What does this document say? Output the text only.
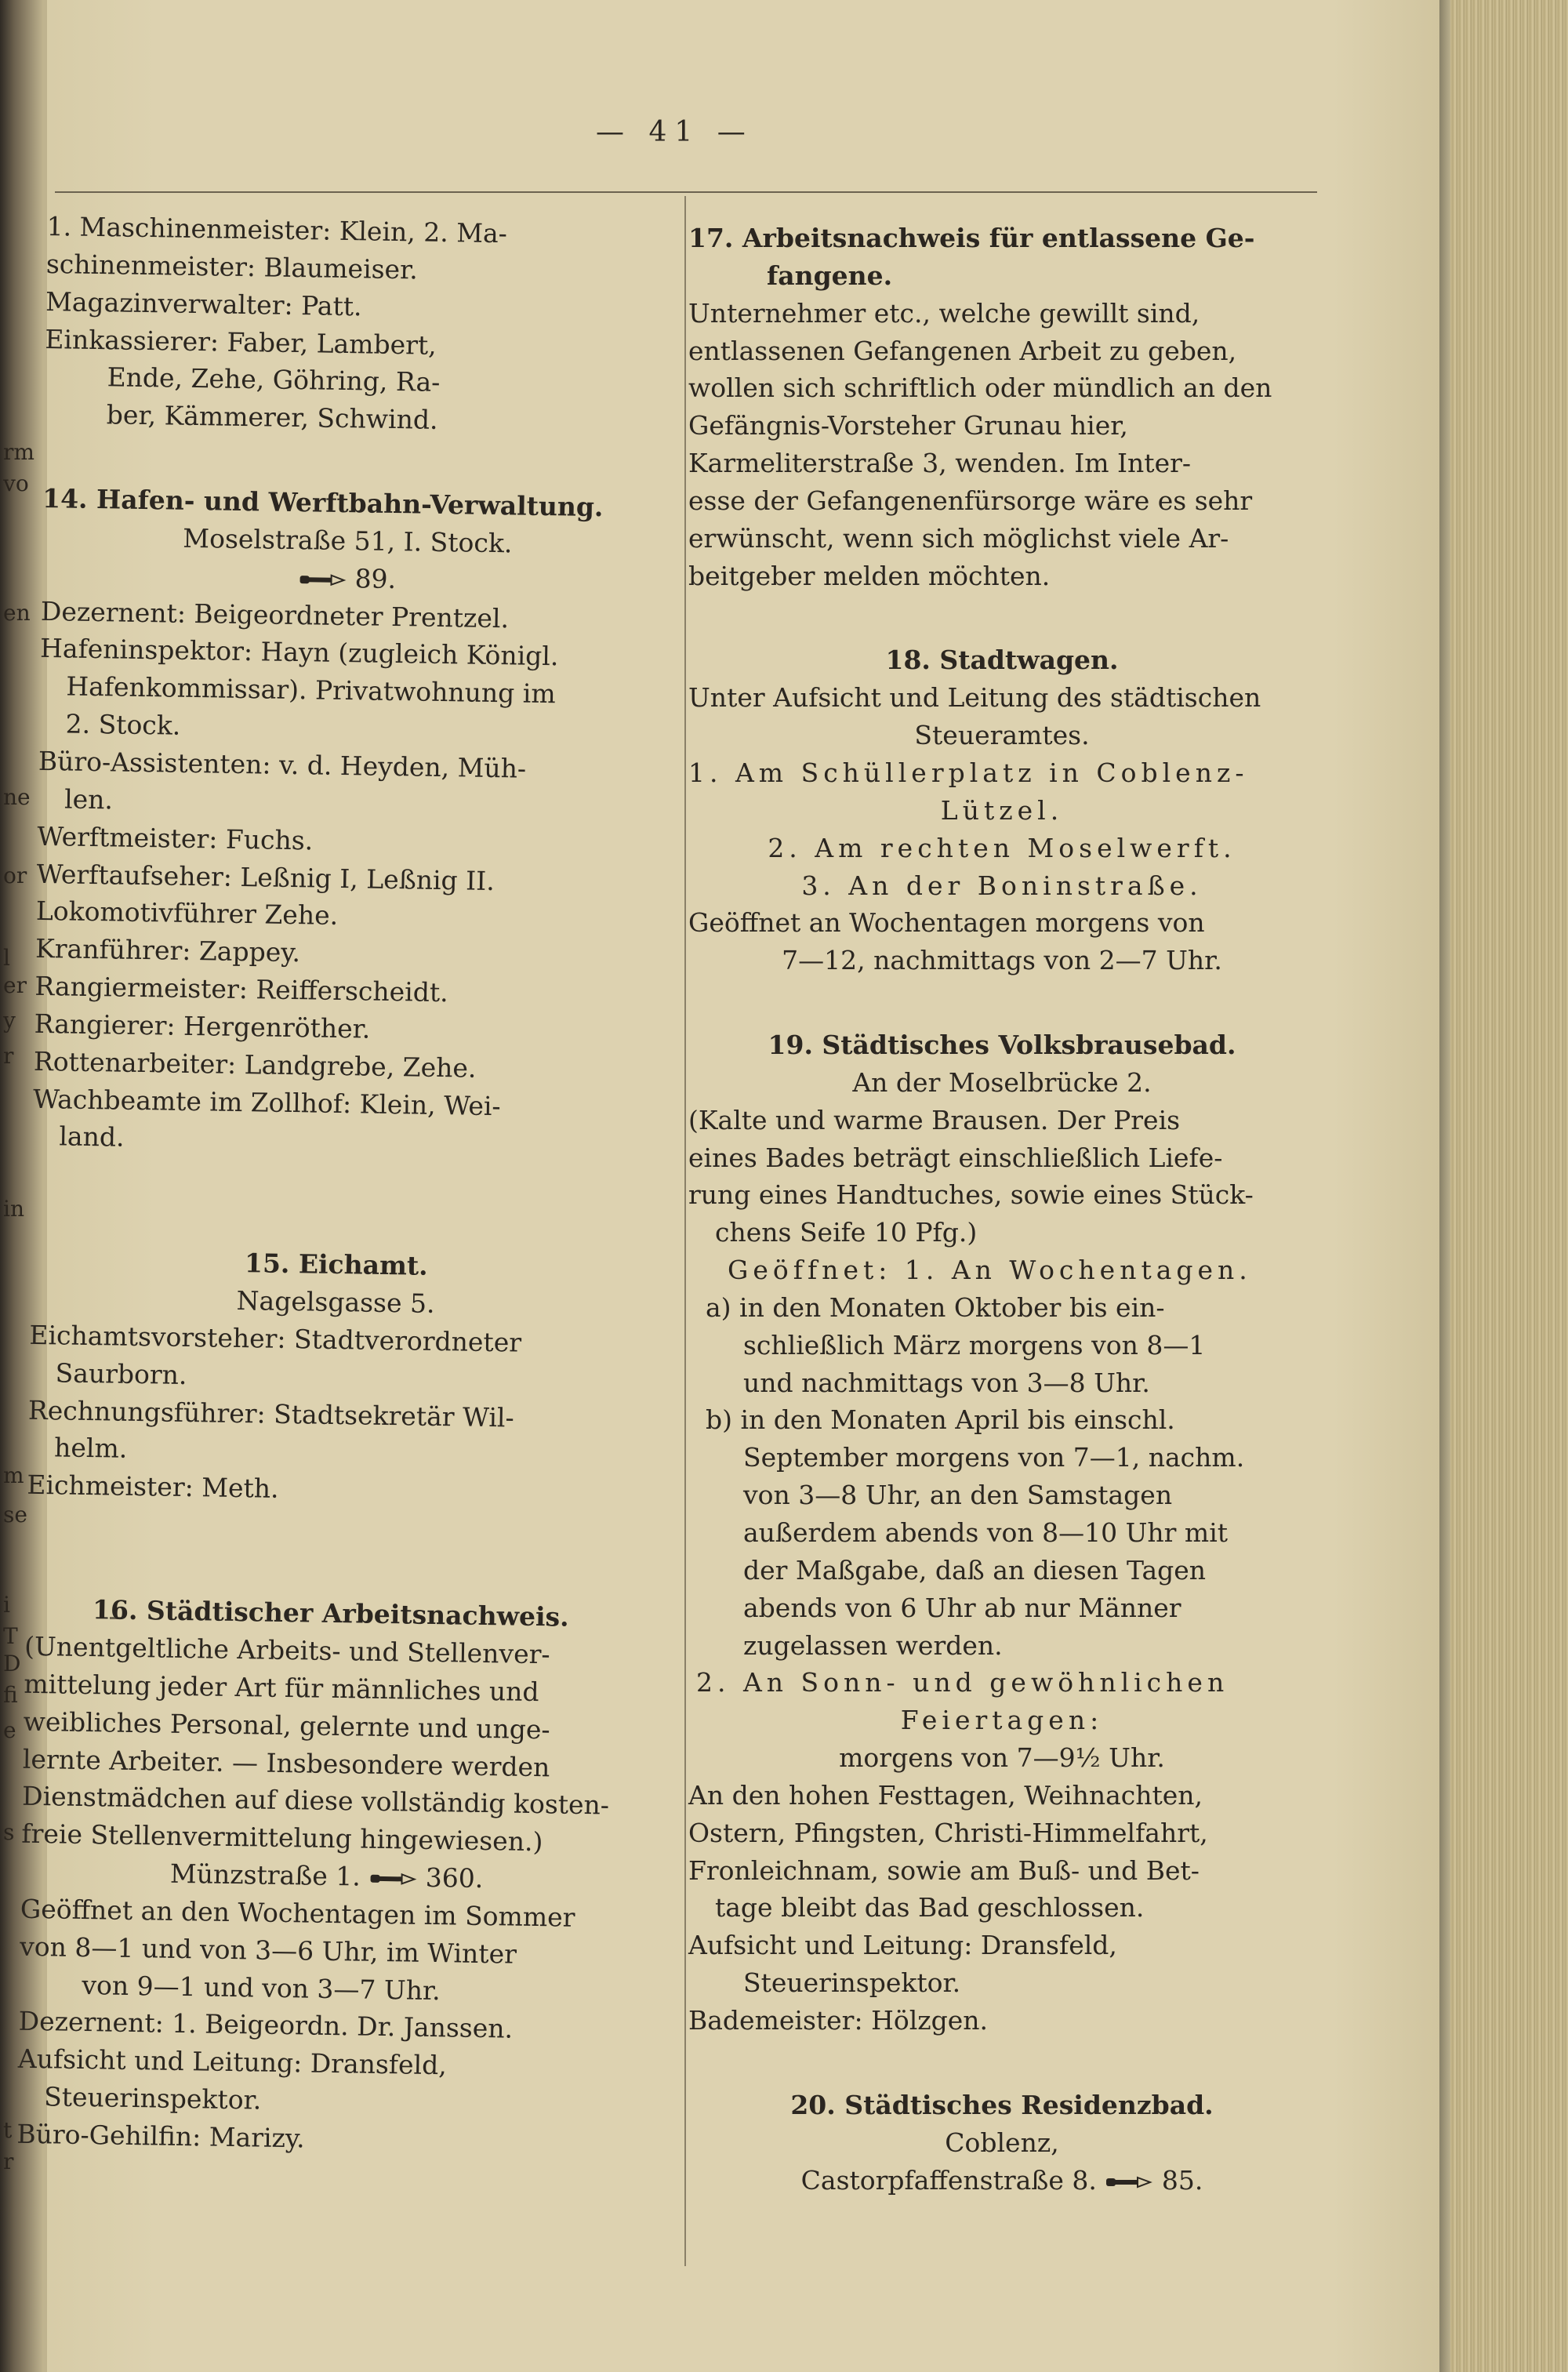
rm
vo
en
ne
or
l
er
y
r
in
m
se
i
T
D
fi
e
s
t
r
— 41 —

1. Maschinenmeister: Klein, 2. Ma-

schinenmeister: Blaumeiser.

Magazinverwalter: Patt.

Einkassierer: Faber, Lambert,

Ende, Zehe, Göhring, Ra-

ber, Kämmerer, Schwind.

14. Hafen- und Werftbahn-Verwaltung.

Moselstraße 51, I. Stock.

89.

Dezernent: Beigeordneter Prentzel.

Hafeninspektor: Hayn (zugleich Königl.

Hafenkommissar). Privatwohnung im

2. Stock.

Büro-Assistenten: v. d. Heyden, Müh-

len.

Werftmeister: Fuchs.

Werftaufseher: Leßnig I, Leßnig II.

Lokomotivführer Zehe.

Kranführer: Zappey.

Rangiermeister: Reifferscheidt.

Rangierer: Hergenröther.

Rottenarbeiter: Landgrebe, Zehe.

Wachbeamte im Zollhof: Klein, Wei-

land.

15. Eichamt.

Nagelsgasse 5.

Eichamtsvorsteher: Stadtverordneter

Saurborn.

Rechnungsführer: Stadtsekretär Wil-

helm.

Eichmeister: Meth.

16. Städtischer Arbeitsnachweis.

(Unentgeltliche Arbeits- und Stellenver-

mittelung jeder Art für männliches und

weibliches Personal, gelernte und unge-

lernte Arbeiter. — Insbesondere werden

Dienstmädchen auf diese vollständig kosten-

freie Stellenvermittelung hingewiesen.)

Münzstraße 1. 360.

Geöffnet an den Wochentagen im Sommer

von 8—1 und von 3—6 Uhr, im Winter

von 9—1 und von 3—7 Uhr.

Dezernent: 1. Beigeordn. Dr. Janssen.

Aufsicht und Leitung: Dransfeld,

Steuerinspektor.

Büro-Gehilfin: Marizy.

17. Arbeitsnachweis für entlassene Ge-

fangene.

Unternehmer etc., welche gewillt sind,

entlassenen Gefangenen Arbeit zu geben,

wollen sich schriftlich oder mündlich an den

Gefängnis-Vorsteher Grunau hier,

Karmeliterstraße 3, wenden. Im Inter-

esse der Gefangenenfürsorge wäre es sehr

erwünscht, wenn sich möglichst viele Ar-

beitgeber melden möchten.

18. Stadtwagen.

Unter Aufsicht und Leitung des städtischen

Steueramtes.

1. Am Schüllerplatz in Coblenz-

Lützel.

2. Am rechten Moselwerft.

3. An der Boninstraße.

Geöffnet an Wochentagen morgens von

7—12, nachmittags von 2—7 Uhr.

19. Städtisches Volksbrausebad.

An der Moselbrücke 2.

(Kalte und warme Brausen. Der Preis

eines Bades beträgt einschließlich Liefe-

rung eines Handtuches, sowie eines Stück-

chens Seife 10 Pfg.)

Geöffnet: 1. An Wochentagen.

a) in den Monaten Oktober bis ein-

schließlich März morgens von 8—1

und nachmittags von 3—8 Uhr.

b) in den Monaten April bis einschl.

September morgens von 7—1, nachm.

von 3—8 Uhr, an den Samstagen

außerdem abends von 8—10 Uhr mit

der Maßgabe, daß an diesen Tagen

abends von 6 Uhr ab nur Männer

zugelassen werden.

2. An Sonn- und gewöhnlichen

Feiertagen:

morgens von 7—9½ Uhr.

An den hohen Festtagen, Weihnachten,

Ostern, Pfingsten, Christi-Himmelfahrt,

Fronleichnam, sowie am Buß- und Bet-

tage bleibt das Bad geschlossen.

Aufsicht und Leitung: Dransfeld,

Steuerinspektor.

Bademeister: Hölzgen.

20. Städtisches Residenzbad.

Coblenz,

Castorpfaffenstraße 8.	85.
